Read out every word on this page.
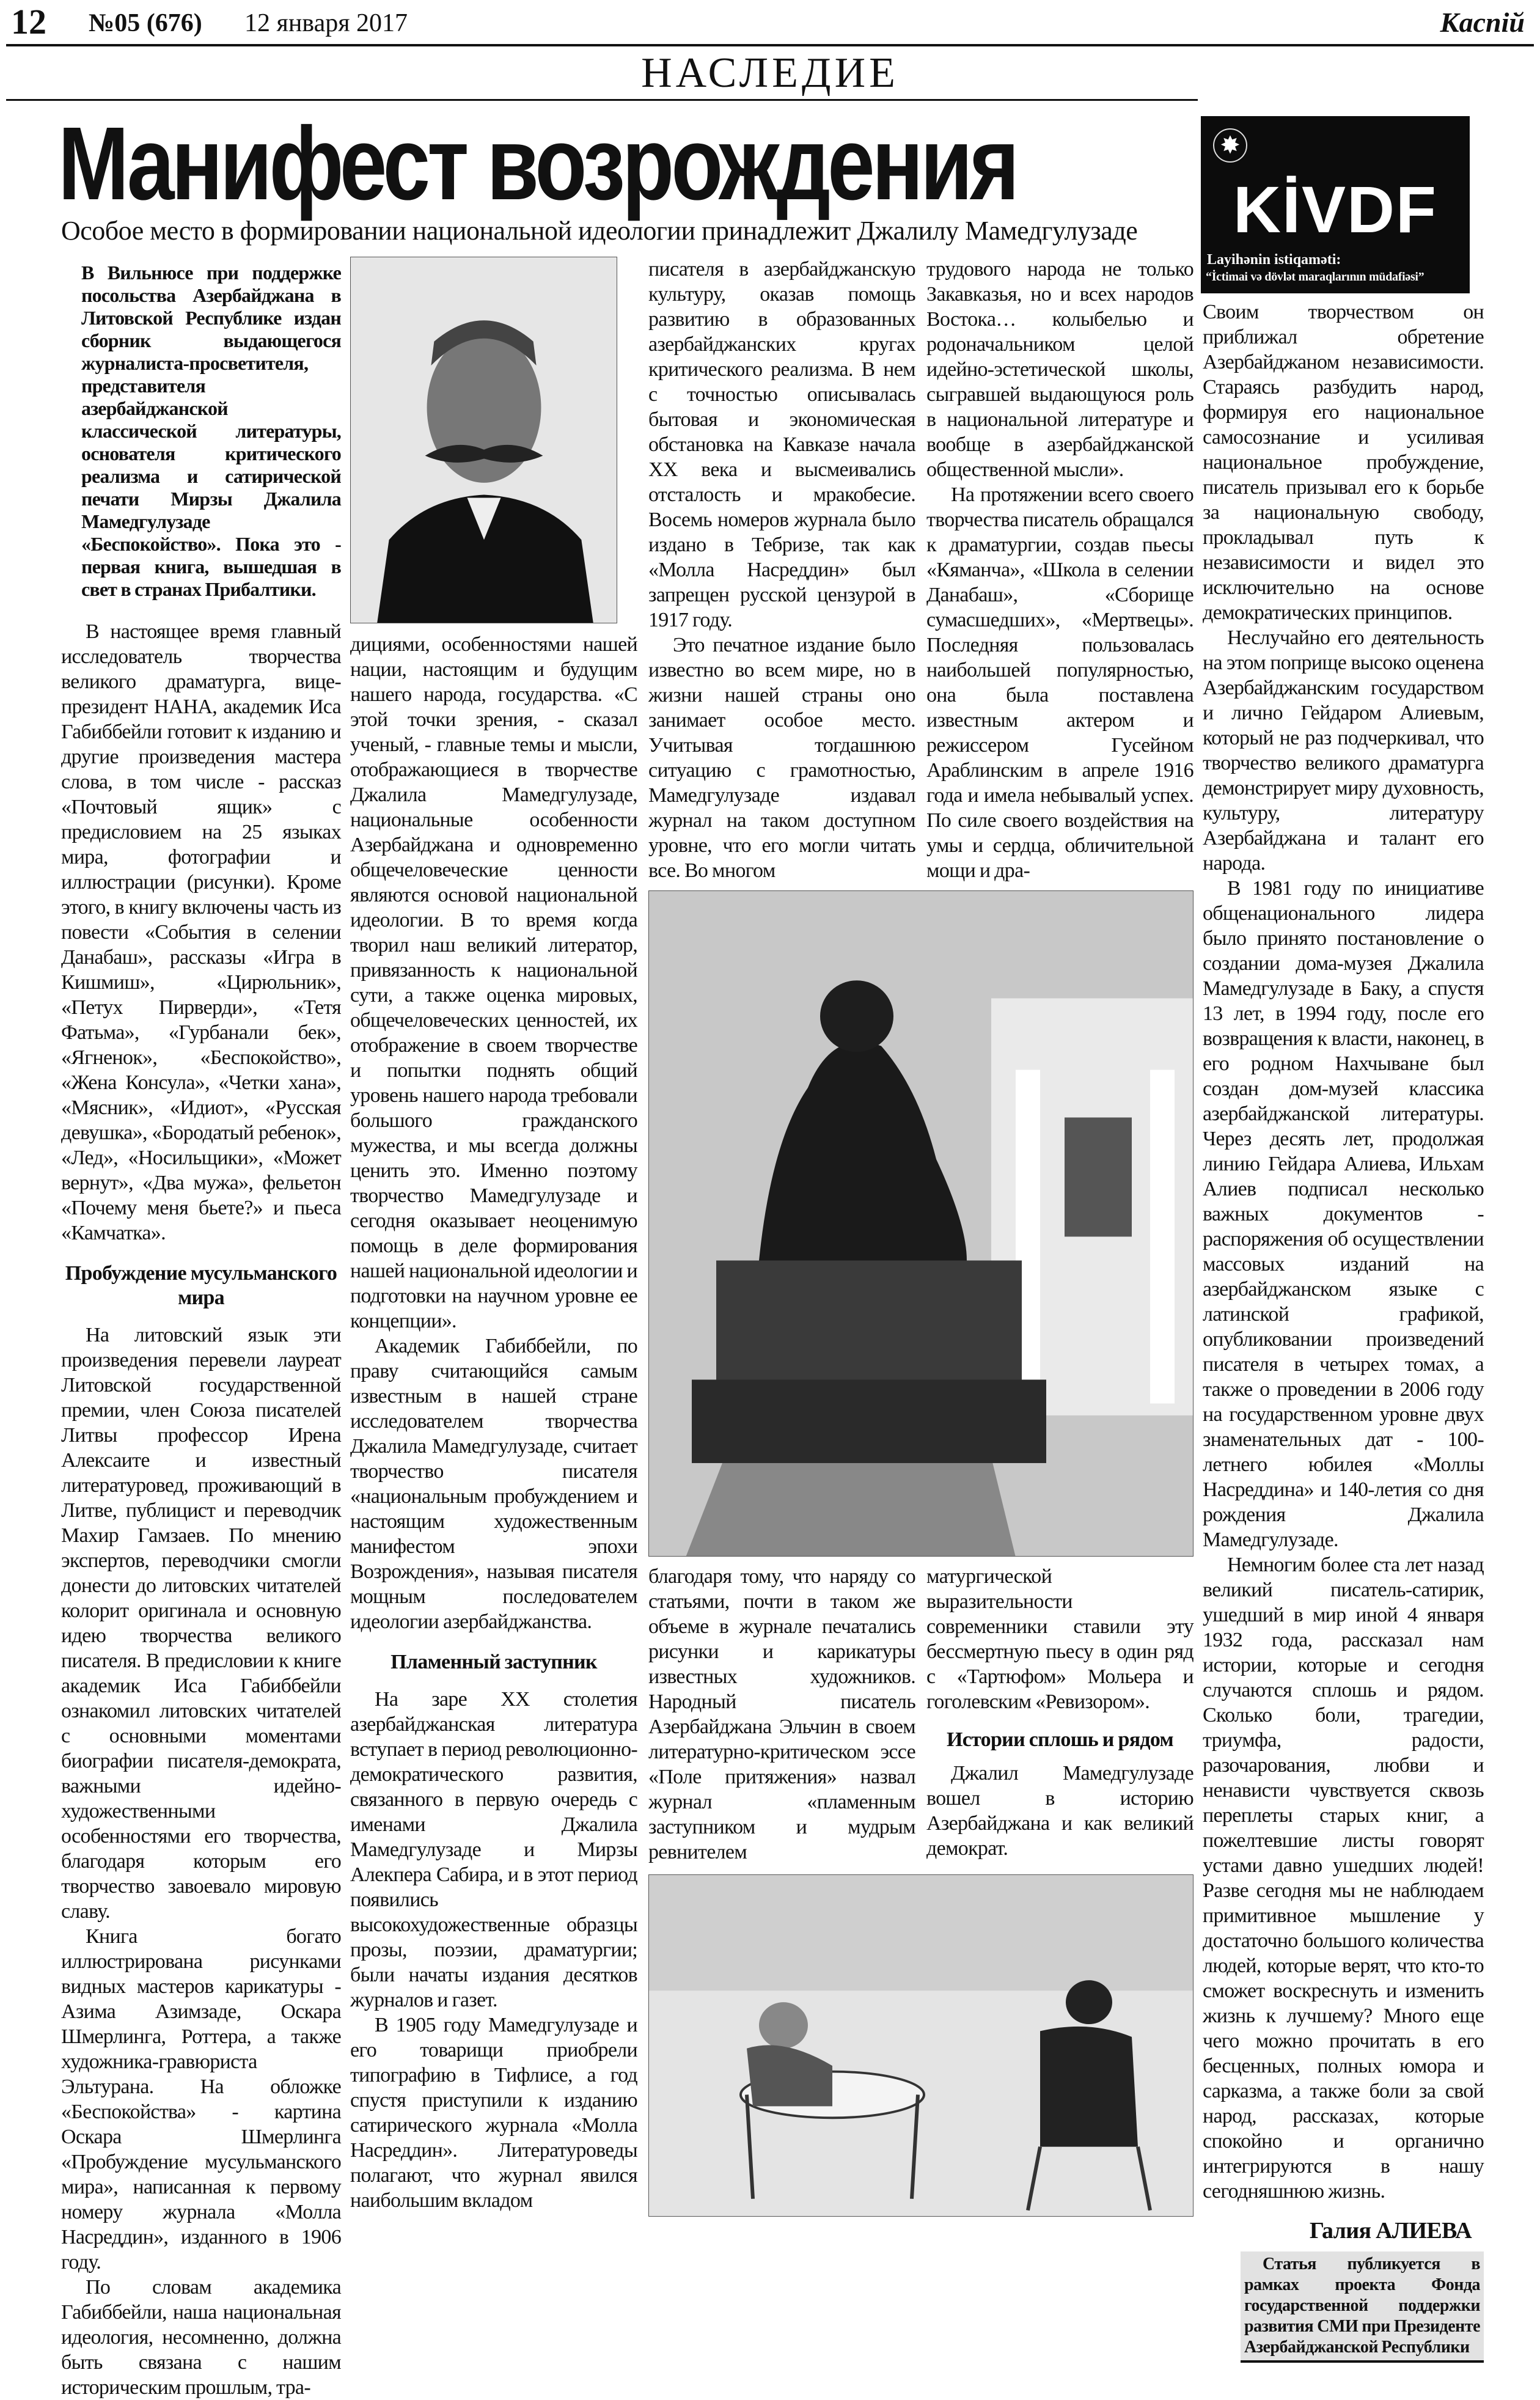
12 №05 (676) 12 января 2017	Каспiй
НАСЛЕДИЕ
Манифест возрождения
Особое место в формировании национальной идеологии принадлежит Джалилу Мамедгулузаде
✸
KİVDF
Layihənin istiqaməti:
“İctimai və dövlət maraqlarının müdafiəsi”

В Вильнюсе при поддержке посольства Азербайджана в Литовской Республике издан сборник выдающегося журналиста-просветителя, представителя азербайджанской классической литературы, основателя критического реализма и сатирической печати Мирзы Джалила Мамедгулузаде «Беспокойство». Пока это - первая книга, вышедшая в свет в странах Прибалтики.

В настоящее время главный исследователь творчества великого драматурга, вице-президент НАНА, академик Иса Габиббейли готовит к изданию и другие произведения мастера слова, в том числе - рассказ «Почтовый ящик» с предисловием на 25 языках мира, фотографии и иллюстрации (рисунки). Кроме этого, в книгу включены часть из повести «События в селении Данабаш», рассказы «Игра в Кишмиш», «Цирюльник», «Петух Пирверди», «Тетя Фатьма», «Гурбанали бек», «Ягненок», «Беспокойство», «Жена Консула», «Четки хана», «Мясник», «Идиот», «Русская девушка», «Бородатый ребенок», «Лед», «Носильщики», «Может вернут», «Два мужа», фельетон «Почему меня бьете?» и пьеса «Камчатка».

Пробуждение мусульманского мира

На литовский язык эти произведения перевели лауреат Литовской государственной премии, член Союза писателей Литвы профессор Ирена Алексаите и известный литературовед, проживающий в Литве, публицист и переводчик Махир Гамзаев. По мнению экспертов, переводчики смогли донести до литовских читателей колорит оригинала и основную идею творчества великого писателя. В предисловии к книге академик Иса Габиббейли ознакомил литовских читателей с основными моментами биографии писателя-демократа, важными идейно-художественными особенностями его творчества, благодаря которым его творчество завоевало мировую славу.

Книга богато иллюстрирована рисунками видных мастеров карикатуры - Азима Азимзаде, Оскара Шмерлинга, Роттера, а также художника-гравюриста Эльтурана. На обложке «Беспокойства» - картина Оскара Шмерлинга «Пробуждение мусульманского мира», написанная к первому номеру журнала «Молла Насреддин», изданного в 1906 году.

По словам академика Габиббейли, наша национальная идеология, несомненно, должна быть связана с нашим историческим прошлым, тра-

дициями, особенностями нашей нации, настоящим и будущим нашего народа, государства. «С этой точки зрения, - сказал ученый, - главные темы и мысли, отображающиеся в творчестве Джалила Мамедгулузаде, национальные особенности Азербайджана и одновременно общечеловеческие ценности являются основой национальной идеологии. В то время когда творил наш великий литератор, привязанность к национальной сути, а также оценка мировых, общечеловеческих ценностей, их отображение в своем творчестве и попытки поднять общий уровень нашего народа требовали большого гражданского мужества, и мы всегда должны ценить это. Именно поэтому творчество Мамедгулузаде и сегодня оказывает неоценимую помощь в деле формирования нашей национальной идеологии и подготовки на научном уровне ее концепции».

Академик Габиббейли, по праву считающийся самым известным в нашей стране исследователем творчества Джалила Мамедгулузаде, считает творчество писателя «национальным пробуждением и настоящим художественным манифестом эпохи Возрождения», называя писателя мощным последователем идеологии азербайджанства.

Пламенный заступник

На заре XX столетия азербайджанская литература вступает в период революционно-демократического развития, связанного в первую очередь с именами Джалила Мамедгулузаде и Мирзы Алекпера Сабира, и в этот период появились высокохудожественные образцы прозы, поэзии, драматургии; были начаты издания десятков журналов и газет.

В 1905 году Мамедгулузаде и его товарищи приобрели типографию в Тифлисе, а год спустя приступили к изданию сатирического журнала «Молла Насреддин». Литературоведы полагают, что журнал явился наибольшим вкладом

писателя в азербайджанскую культуру, оказав помощь развитию в образованных азербайджанских кругах критического реализма. В нем с точностью описывалась бытовая и экономическая обстановка на Кавказе начала XX века и высмеивались отсталость и мракобесие. Восемь номеров журнала было издано в Тебризе, так как «Молла Насреддин» был запрещен русской цензурой в 1917 году.

Это печатное издание было известно во всем мире, но в жизни нашей страны оно занимает особое место. Учитывая тогдашнюю ситуацию с грамотностью, Мамедгулузаде издавал журнал на таком доступном уровне, что его могли читать все. Во многом

трудового народа не только Закавказья, но и всех народов Востока… колыбелью и родоначальником целой идейно-эстетической школы, сыгравшей выдающуюся роль в национальной литературе и вообще в азербайджанской общественной мысли».

На протяжении всего своего творчества писатель обращался к драматургии, создав пьесы «Кяманча», «Школа в селении Данабаш», «Сборище сумасшедших», «Мертвецы». Последняя пользовалась наибольшей популярностью, она была поставлена известным актером и режиссером Гусейном Араблинским в апреле 1916 года и имела небывалый успех. По силе своего воздействия на умы и сердца, обличительной мощи и дра-

благодаря тому, что наряду со статьями, почти в таком же объеме в журнале печатались рисунки и карикатуры известных художников. Народный писатель Азербайджана Эльчин в своем литературно-критическом эссе «Поле притяжения» назвал журнал «пламенным заступником и мудрым ревнителем

матургической выразительности современники ставили эту бессмертную пьесу в один ряд с «Тартюфом» Мольера и гоголевским «Ревизором».

Истории сплошь и рядом

Джалил Мамедгулузаде вошел в историю Азербайджана и как великий демократ.

Своим творчеством он приближал обретение Азербайджаном независимости. Стараясь разбудить народ, формируя его национальное самосознание и усиливая национальное пробуждение, писатель призывал его к борьбе за национальную свободу, прокладывал путь к независимости и видел это исключительно на основе демократических принципов.

Неслучайно его деятельность на этом поприще высоко оценена Азербайджанским государством и лично Гейдаром Алиевым, который не раз подчеркивал, что творчество великого драматурга демонстрирует миру духовность, культуру, литературу Азербайджана и талант его народа.

В 1981 году по инициативе общенационального лидера было принято постановление о создании дома-музея Джалила Мамедгулузаде в Баку, а спустя 13 лет, в 1994 году, после его возвращения к власти, наконец, в его родном Нахчыване был создан дом-музей классика азербайджанской литературы. Через десять лет, продолжая линию Гейдара Алиева, Ильхам Алиев подписал несколько важных документов - распоряжения об осуществлении массовых изданий на азербайджанском языке с латинской графикой, опубликовании произведений писателя в четырех томах, а также о проведении в 2006 году на государственном уровне двух знаменательных дат - 100-летнего юбилея «Моллы Насреддина» и 140-летия со дня рождения Джалила Мамедгулузаде.

Немногим более ста лет назад великий писатель-сатирик, ушедший в мир иной 4 января 1932 года, рассказал нам истории, которые и сегодня случаются сплошь и рядом. Сколько боли, трагедии, триумфа, радости, разочарования, любви и ненависти чувствуется сквозь переплеты старых книг, а пожелтевшие листы говорят устами давно ушедших людей! Разве сегодня мы не наблюдаем примитивное мышление у достаточно большого количества людей, которые верят, что кто-то сможет воскреснуть и изменить жизнь к лучшему? Много еще чего можно прочитать в его бесценных, полных юмора и сарказма, а также боли за свой народ, рассказах, которые спокойно и органично интегрируются в нашу сегодняшнюю жизнь.

Галия АЛИЕВА
Статья публикуется в рамках проекта Фонда государственной поддержки развития СМИ при Президенте Азербайджанской Республики
